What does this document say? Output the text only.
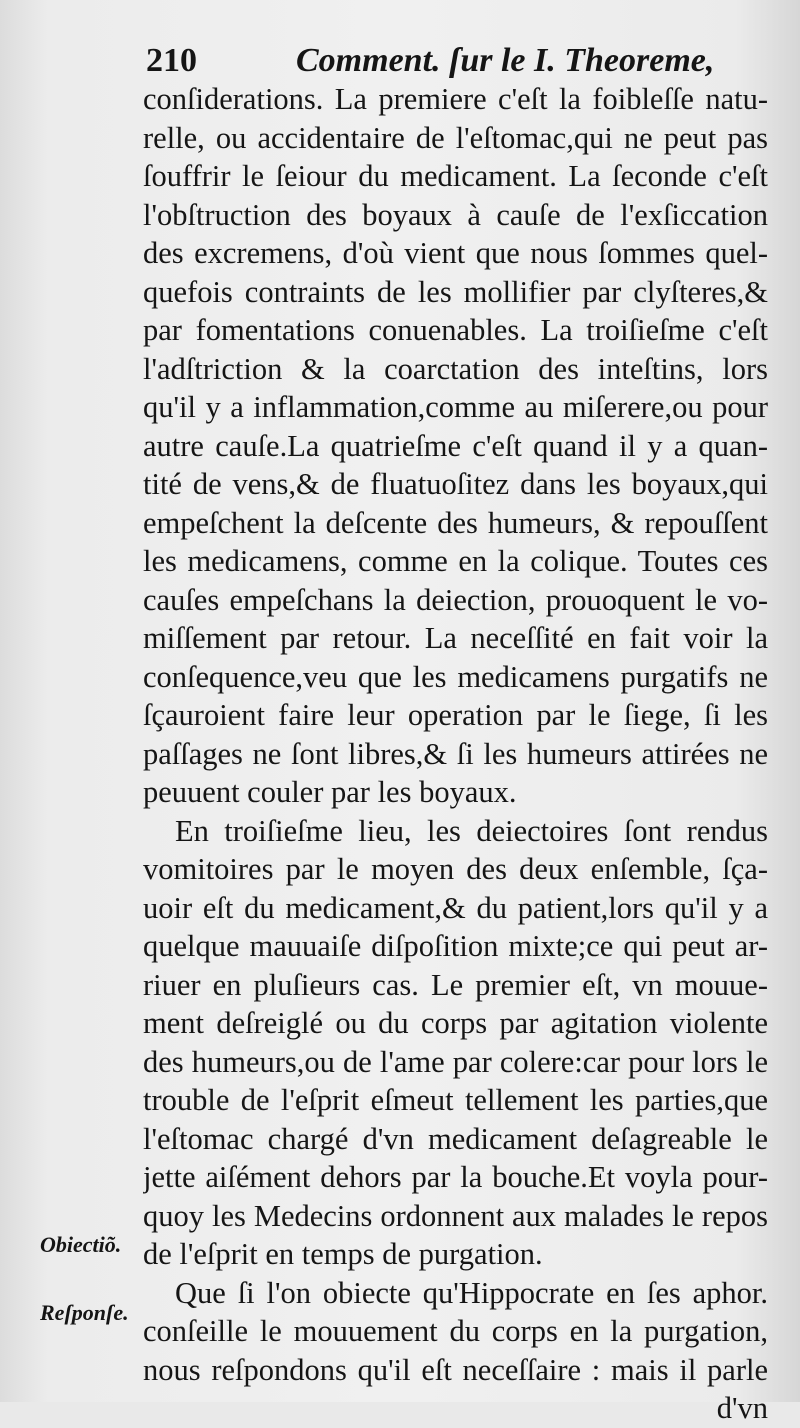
210	Comment. ſur le I. Theoreme,
conſiderations. La premiere c'eſt la foibleſſe natu-
relle, ou accidentaire de l'eſtomac,qui ne peut pas
ſouffrir le ſeiour du medicament. La ſeconde c'eſt
l'obſtruction des boyaux à cauſe de l'exſiccation
des excremens, d'où vient que nous ſommes quel-
quefois contraints de les mollifier par clyſteres,&
par fomentations conuenables. La troiſieſme c'eſt
l'adſtriction & la coarctation des inteſtins, lors
qu'il y a inflammation,comme au miſerere,ou pour
autre cauſe.La quatrieſme c'eſt quand il y a quan-
tité de vens,& de fluatuoſitez dans les boyaux,qui
empeſchent la deſcente des humeurs, & repouſſent
les medicamens, comme en la colique. Toutes ces
cauſes empeſchans la deiection, prouoquent le vo-
miſſement par retour. La neceſſité en fait voir la
conſequence,veu que les medicamens purgatifs ne
ſçauroient faire leur operation par le ſiege, ſi les
paſſages ne ſont libres,& ſi les humeurs attirées ne
peuuent couler par les boyaux.
En troiſieſme lieu, les deiectoires ſont rendus
vomitoires par le moyen des deux enſemble, ſça-
uoir eſt du medicament,& du patient,lors qu'il y a
quelque mauuaiſe diſpoſition mixte;ce qui peut ar-
riuer en pluſieurs cas. Le premier eſt, vn mouue-
ment deſreiglé ou du corps par agitation violente
des humeurs,ou de l'ame par colere:car pour lors le
trouble de l'eſprit eſmeut tellement les parties,que
l'eſtomac chargé d'vn medicament deſagreable le
jette aiſément dehors par la bouche.Et voyla pour-
quoy les Medecins ordonnent aux malades le repos
de l'eſprit en temps de purgation.
Que ſi l'on obiecte qu'Hippocrate en ſes aphor.
conſeille le mouuement du corps en la purgation,
nous reſpondons qu'il eſt neceſſaire : mais il parle
d'vn
Obiectiõ.
Reſponſe.
